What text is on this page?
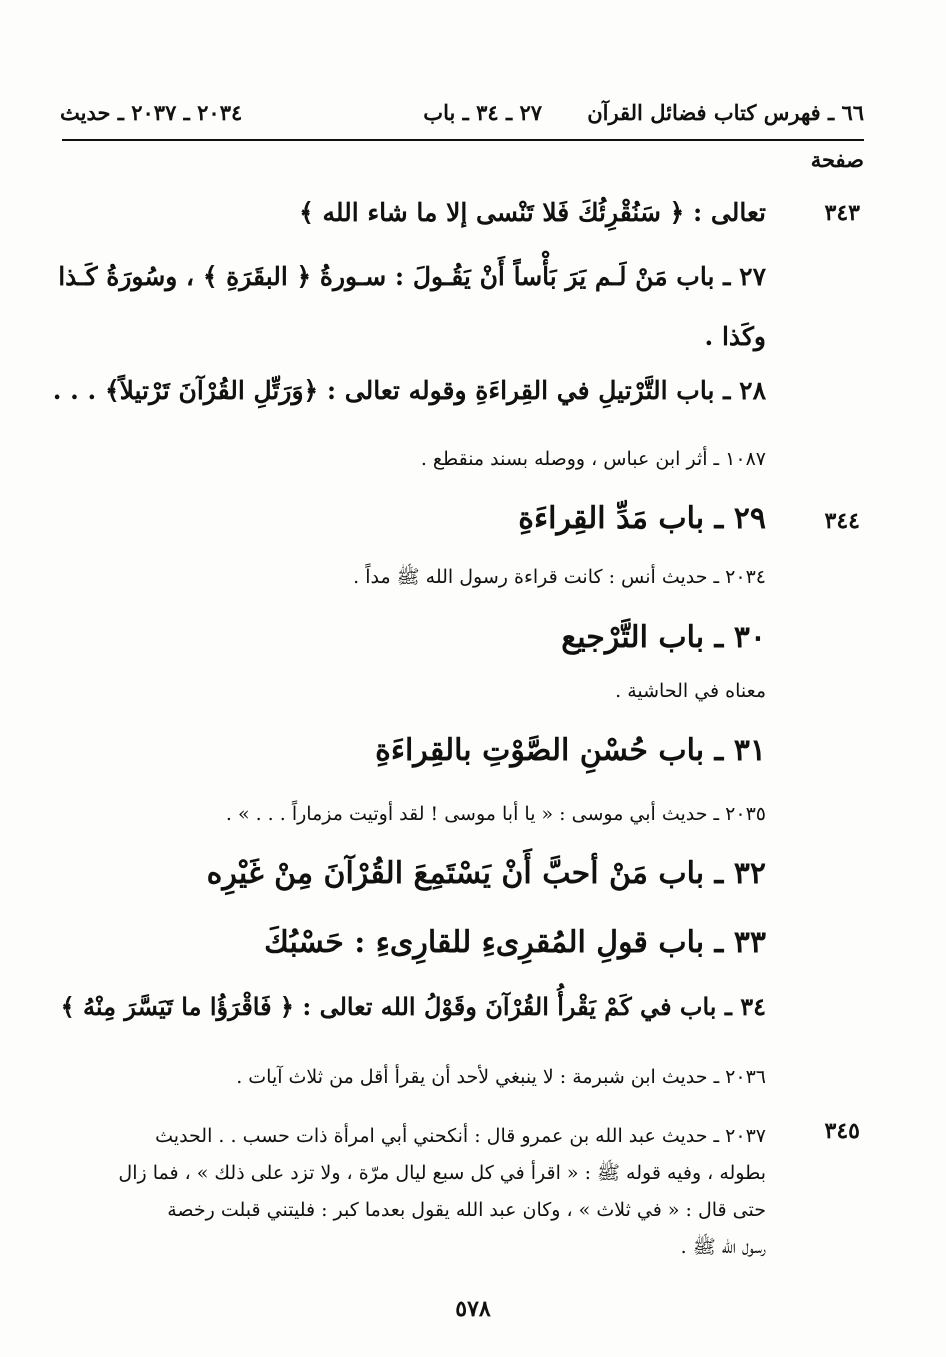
٦٦ ـ فهرس كتاب فضائل القرآن
٢٧ ـ ٣٤ ـ باب
٢٠٣٤ ـ ٢٠٣٧ ـ حديث
صفحة
٣٤٣
٣٤٤
٣٤٥
تعالى : ﴿ سَنُقْرِئُكَ فَلا تَنْسى إلا ما شاء الله ﴾
٢٧ ـ باب مَنْ لَـم يَرَ بَأْساً أَنْ يَقُـولَ : سـورةُ ﴿ البقَرَةِ ﴾ ، وسُورَةُ كَـذا
وكَذا .
٢٨ ـ باب التَّرْتيلِ في القِراءَةِ وقوله تعالى : ﴿وَرَتِّلِ القُرْآنَ تَرْتيلاً﴾ . . .
١٠٨٧ ـ أثر ابن عباس ، ووصله بسند منقطع .
٢٩ ـ باب مَدِّ القِراءَةِ
٢٠٣٤ ـ حديث أنس : كانت قراءة رسول الله ﷺ مداً .
٣٠ ـ باب التَّرْجيع
معناه في الحاشية .
٣١ ـ باب حُسْنِ الصَّوْتِ بالقِراءَةِ
٢٠٣٥ ـ حديث أبي موسى : « يا أبا موسى ! لقد أوتيت مزماراً . . . » .
٣٢ ـ باب مَنْ أحبَّ أَنْ يَسْتَمِعَ القُرْآنَ مِنْ غَيْرِه
٣٣ ـ باب قولِ المُقرِىءِ للقارِىءِ : حَسْبُكَ
٣٤ ـ باب في كَمْ يَقْرأُ القُرْآنَ وقَوْلُ الله تعالى : ﴿ فَاقْرَؤُا ما تَيَسَّرَ مِنْهُ ﴾
٢٠٣٦ ـ حديث ابن شبرمة : لا ينبغي لأحد أن يقرأ أقل من ثلاث آيات .
٢٠٣٧ ـ حديث عبد الله بن عمرو قال : أنكحني أبي امرأة ذات حسب . . الحديث
بطوله ، وفيه قوله ﷺ : « اقرأ في كل سبع ليال مرّة ، ولا تزد على ذلك » ، فما زال
حتى قال : « في ثلاث » ، وكان عبد الله يقول بعدما كبر : فليتني قبلت رخصة
رسول الله ﷺ .
٥٧٨
